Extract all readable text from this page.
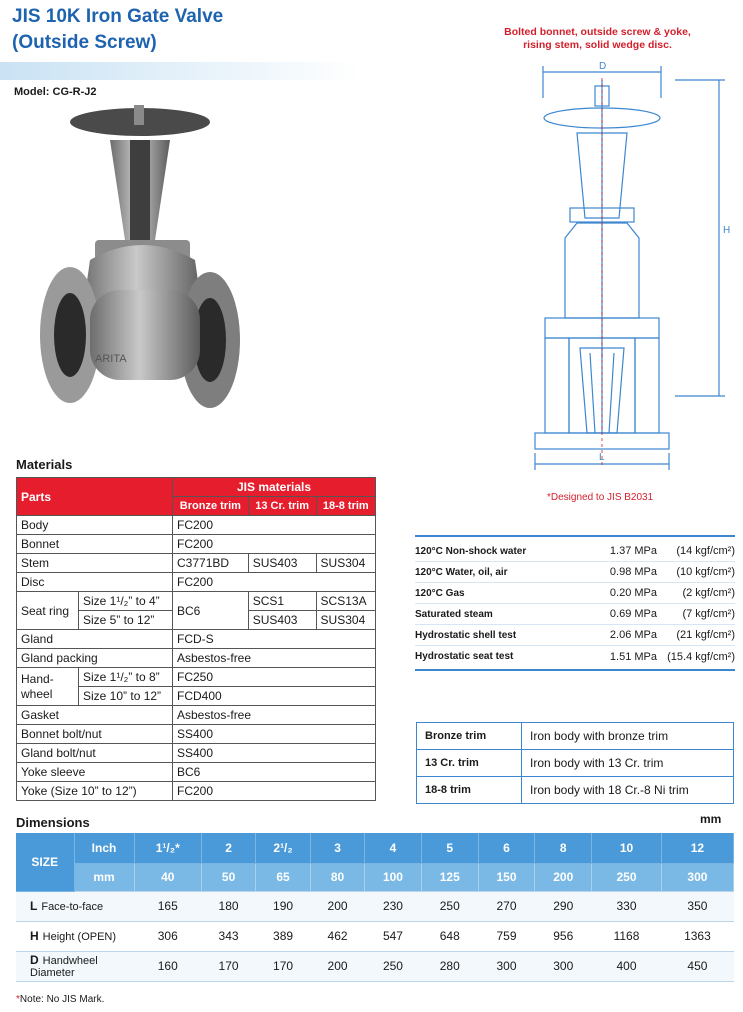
JIS 10K Iron Gate Valve
(Outside Screw)
Model: CG-R-J2
ARITA
Bolted bonnet, outside screw & yoke,
rising stem, solid wedge disc.
D
H
L
*Designed to JIS B2031
Materials
Parts		JIS materials		
		Bronze trim	13 Cr. trim	18-8 trim
Body		FC200		
Bonnet		FC200		
Stem		C3771BD	SUS403	SUS304
Disc		FC200		
Seat ring	Size 1¹/₂” to 4”	BC6	SCS1	SCS13A
	Size 5” to 12”		SUS403	SUS304
Gland		FCD-S		
Gland packing		Asbestos-free		

Hand-
wheel	Size 1¹/₂” to 8”	FC250		
	Size 10” to 12”	FCD400		
Gasket		Asbestos-free		
Bonnet bolt/nut		SS400		
Gland bolt/nut		SS400		
Yoke sleeve		BC6		
Yoke (Size 10” to 12”)		FC200		
120°C Non-shock water	1.37 MPa	(14 kgf/cm²)
120°C Water, oil, air	0.98 MPa	(10 kgf/cm²)
120°C Gas	0.20 MPa	(2 kgf/cm²)
Saturated steam	0.69 MPa	(7 kgf/cm²)
Hydrostatic shell test	2.06 MPa	(21 kgf/cm²)
Hydrostatic seat test	1.51 MPa (15.4 kgf/cm²)
Bronze trim	Iron body with bronze trim
13 Cr. trim	Iron body with 13 Cr. trim
18-8 trim	Iron body with 18 Cr.-8 Ni trim
Dimensions	mm
SIZE	Inch	1¹/₂*	2	2¹/₂	3	4	5	6	8	10	12
	mm	40	50	65	80	100	125	150	200	250	300
L Face-to-face		165	180	190	200	230	250	270	290	330	350
H Height (OPEN)		306	343	389	462	547	648	759	956	1168	1363
D Handwheel Diameter		160	170	170	200	250	280	300	300	400	450
*Note: No JIS Mark.
